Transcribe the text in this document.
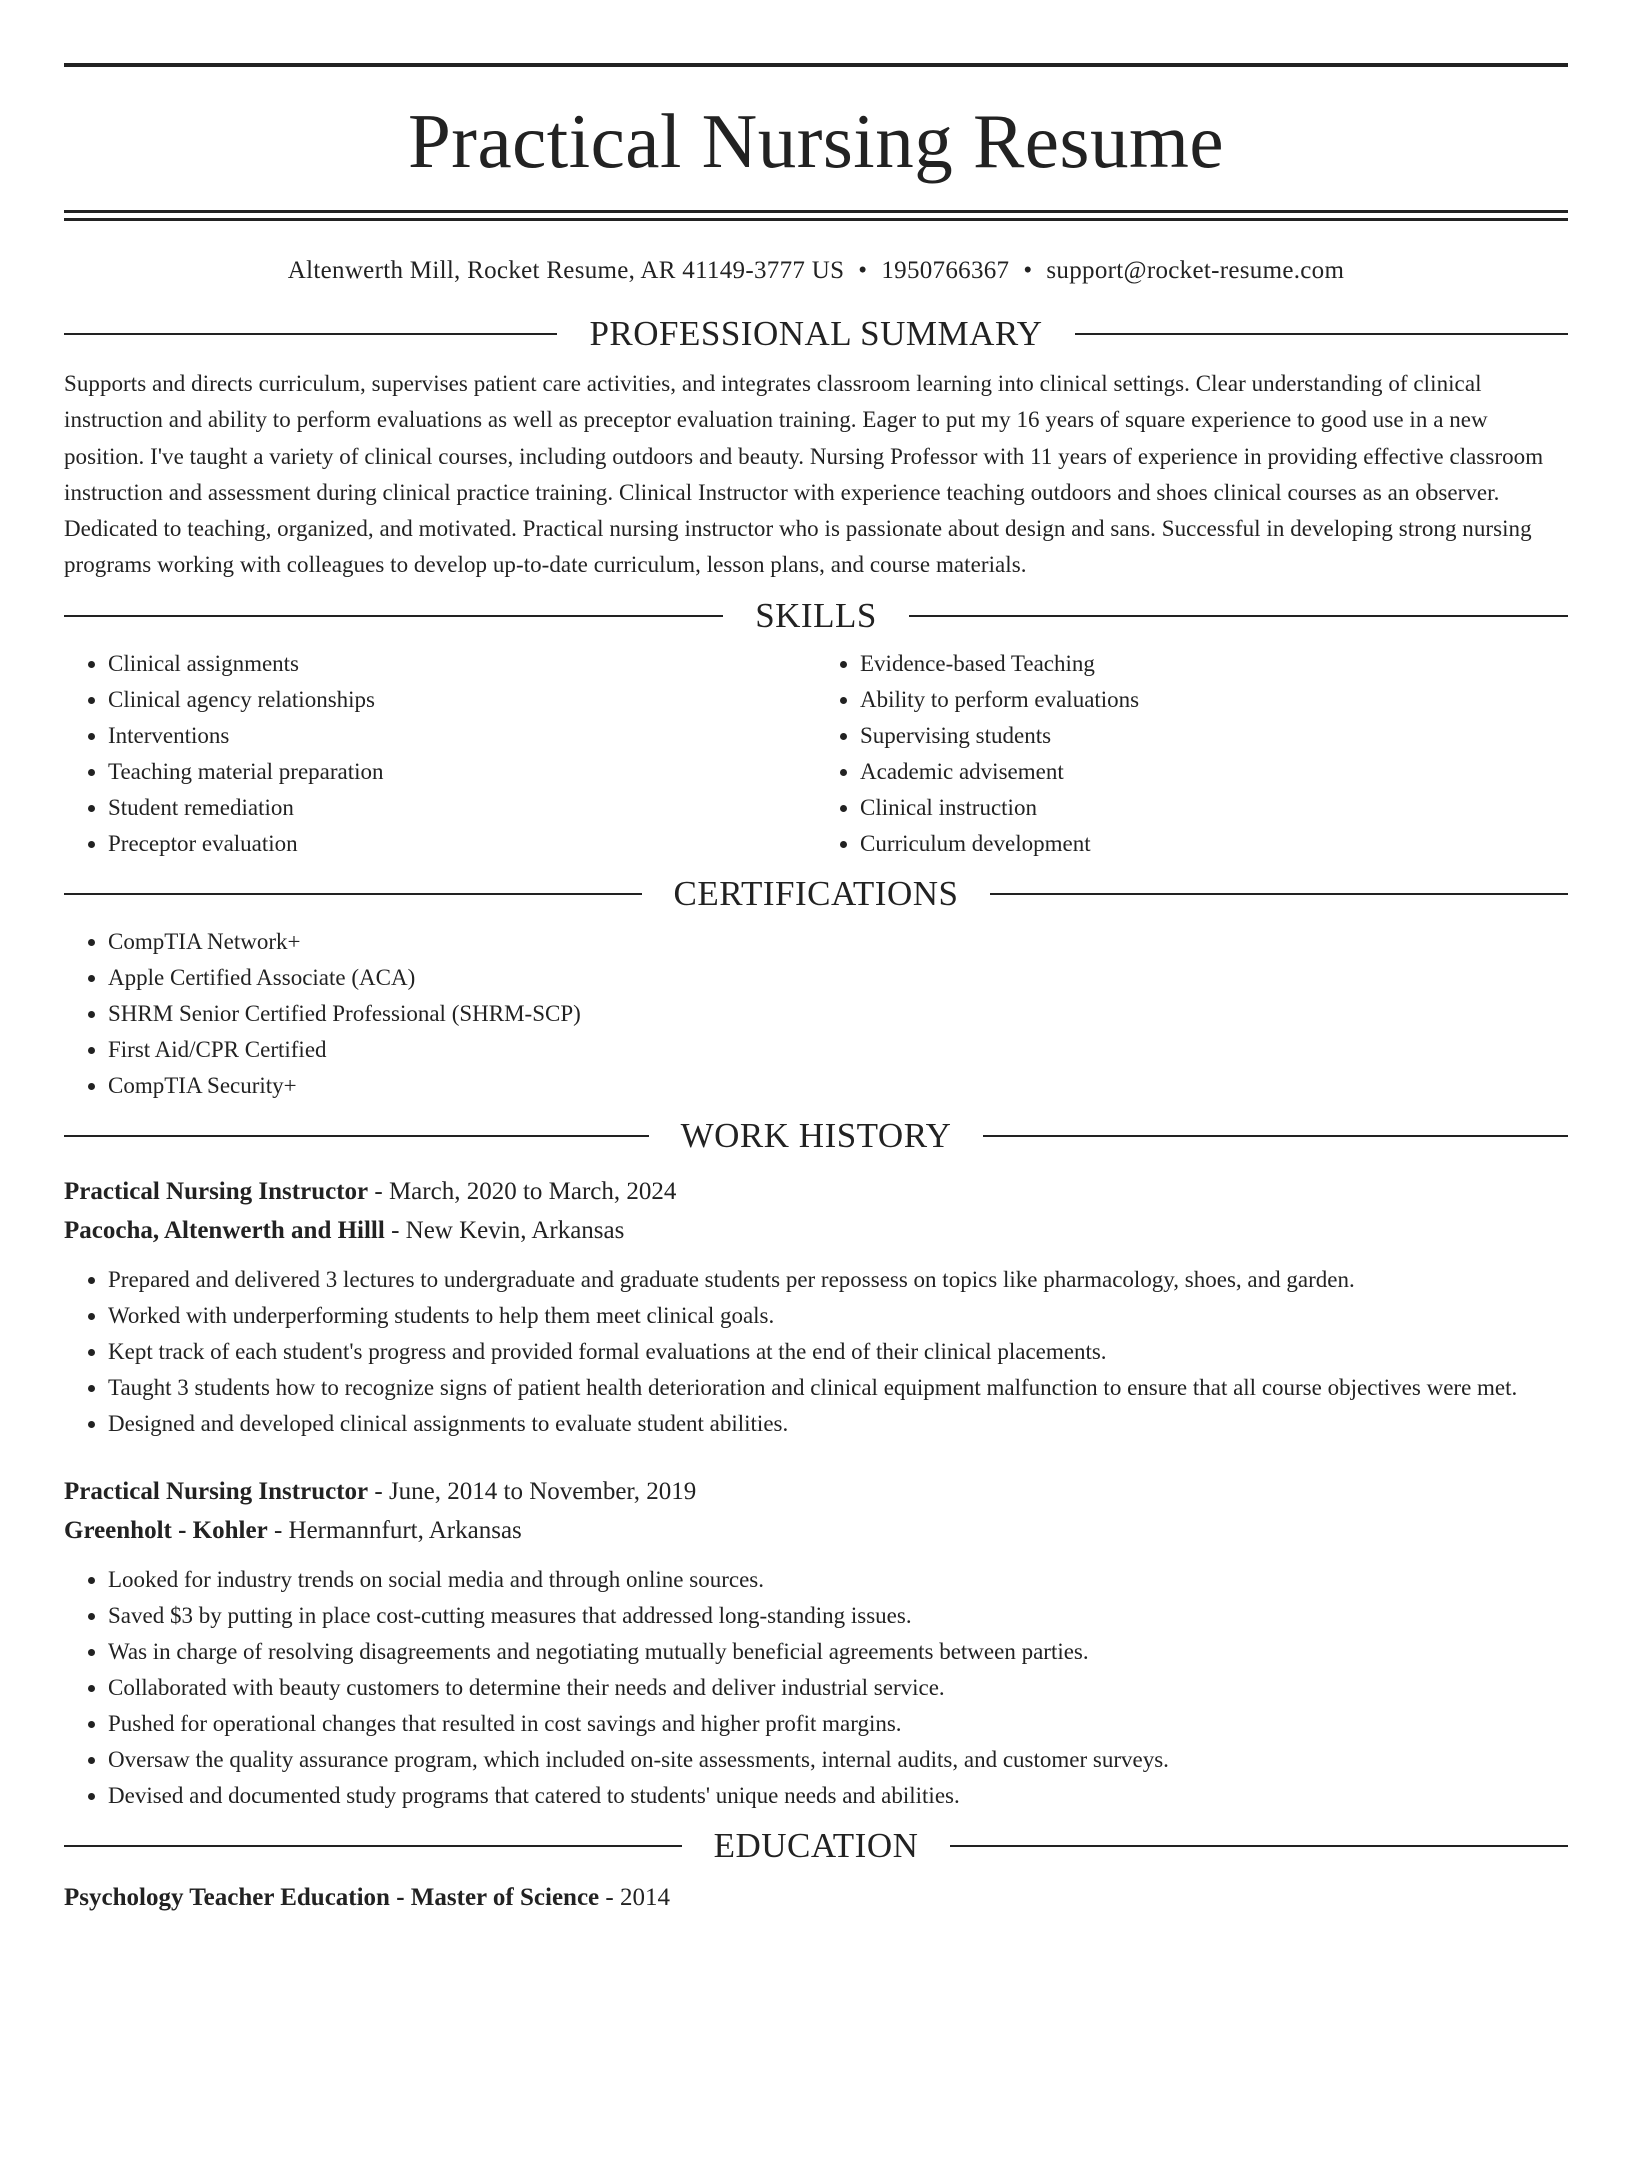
Practical Nursing Resume
Altenwerth Mill, Rocket Resume, AR 41149-3777 US • 1950766367 • support@rocket-resume.com
PROFESSIONAL SUMMARY

Supports and directs curriculum, supervises patient care activities, and integrates classroom learning into clinical settings. Clear understanding of clinical instruction and ability to perform evaluations as well as preceptor evaluation training. Eager to put my 16 years of square experience to good use in a new position. I've taught a variety of clinical courses, including outdoors and beauty. Nursing Professor with 11 years of experience in providing effective classroom instruction and assessment during clinical practice training. Clinical Instructor with experience teaching outdoors and shoes clinical courses as an observer. Dedicated to teaching, organized, and motivated. Practical nursing instructor who is passionate about design and sans. Successful in developing strong nursing programs working with colleagues to develop up-to-date curriculum, lesson plans, and course materials.

SKILLS
• Clinical assignments
• Clinical agency relationships
• Interventions
• Teaching material preparation
• Student remediation
• Preceptor evaluation
• Evidence-based Teaching
• Ability to perform evaluations
• Supervising students
• Academic advisement
• Clinical instruction
• Curriculum development
CERTIFICATIONS
• CompTIA Network+
• Apple Certified Associate (ACA)
• SHRM Senior Certified Professional (SHRM-SCP)
• First Aid/CPR Certified
• CompTIA Security+
WORK HISTORY
Practical Nursing Instructor - March, 2020 to March, 2024
Pacocha, Altenwerth and Hilll - New Kevin, Arkansas
• Prepared and delivered 3 lectures to undergraduate and graduate students per repossess on topics like pharmacology, shoes, and garden.
• Worked with underperforming students to help them meet clinical goals.
• Kept track of each student's progress and provided formal evaluations at the end of their clinical placements.
• Taught 3 students how to recognize signs of patient health deterioration and clinical equipment malfunction to ensure that all course objectives were met.
• Designed and developed clinical assignments to evaluate student abilities.
Practical Nursing Instructor - June, 2014 to November, 2019
Greenholt - Kohler - Hermannfurt, Arkansas
• Looked for industry trends on social media and through online sources.
• Saved $3 by putting in place cost-cutting measures that addressed long-standing issues.
• Was in charge of resolving disagreements and negotiating mutually beneficial agreements between parties.
• Collaborated with beauty customers to determine their needs and deliver industrial service.
• Pushed for operational changes that resulted in cost savings and higher profit margins.
• Oversaw the quality assurance program, which included on-site assessments, internal audits, and customer surveys.
• Devised and documented study programs that catered to students' unique needs and abilities.
EDUCATION
Psychology Teacher Education - Master of Science - 2014
